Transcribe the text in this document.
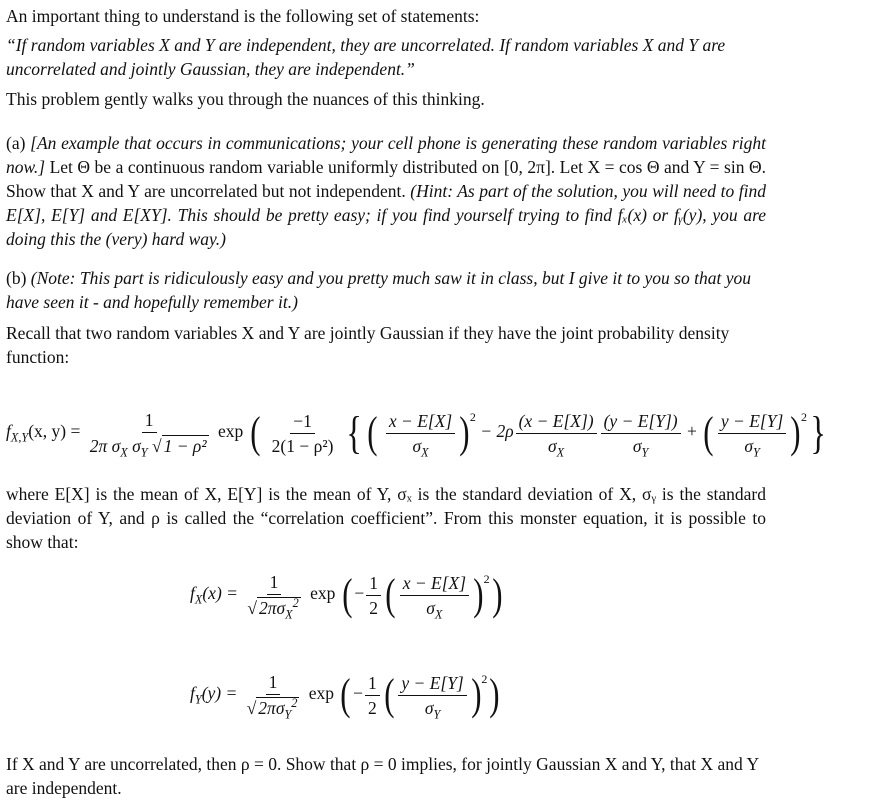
An important thing to understand is the following set of statements:

“If random variables X and Y are independent, they are uncorrelated. If random variables X and Y are uncorrelated and jointly Gaussian, they are independent.”

This problem gently walks you through the nuances of this thinking.

(a) [An example that occurs in communications; your cell phone is generating these random variables right now.] Let Θ be a continuous random variable uniformly distributed on [0, 2π]. Let X = cos Θ and Y = sin Θ. Show that X and Y are uncorrelated but not independent. (Hint: As part of the solution, you will need to find E[X], E[Y] and E[XY]. This should be pretty easy; if you find yourself trying to find fₓ(x) or fᵧ(y), you are doing this the (very) hard way.)
(b) (Note: This part is ridiculously easy and you pretty much saw it in class, but I give it to you so that you have seen it - and hopefully remember it.)

Recall that two random variables X and Y are jointly Gaussian if they have the joint probability density function:

$f_{X,Y}(x$, $y) = \frac{1}{2\pi \sigma_X \sigma_Y √ 1 - \rho^2}$ exp ( $\frac{-1}{\text{2(1 − ρ²)}}$ { ( $\frac{x - E[X]}{\sigma_X} )^2 - 2\rho \frac{(x - E[X])}{\sigma_X} \frac{(y - E[Y])}{\sigma_Y}$ + ( $\frac{y - E[Y]}{\sigma_Y} )^2$}

where E[X] is the mean of X, E[Y] is the mean of Y, σₓ is the standard deviation of X, σᵧ is the standard deviation of Y, and ρ is called the “correlation coefficient”. From this monster equation, it is possible to show that:

$f_X(x) = \frac{1}{√ 2\pi\sigma_X^2}$ exp ( − $\frac{1}{2}$ ( $\frac{x - E[X]}{\sigma_X} )^2$)
$f_Y(y) = \frac{1}{√ 2\pi\sigma_Y^2}$ exp ( − $\frac{1}{2}$ ( $\frac{y - E[Y]}{\sigma_Y} )^2$)

If X and Y are uncorrelated, then ρ = 0. Show that ρ = 0 implies, for jointly Gaussian X and Y, that X and Y are independent.
